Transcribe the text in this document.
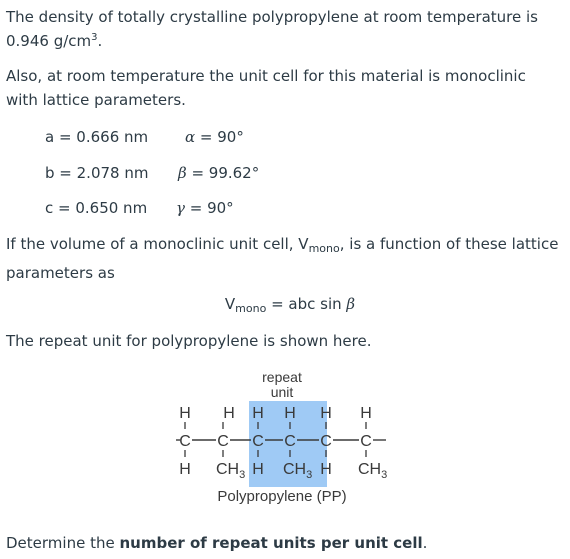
The density of totally crystalline polypropylene at room temperature is 0.946 $g/cm^3$.

Also, at room temperature the unit cell for this material is monoclinic with lattice parameters.

a = 0.666 nm α = 90°
b = 2.078 nm β = 99.62°
c = 0.650 nm γ = 90°

If the volume of a monoclinic unit cell, $V_{mono}$, is a function of these lattice parameters as

$V_{mono}$ = abc sin β

The repeat unit for polypropylene is shown here.

repeat
unit
H H H H H H
C C C C C C
H $CH_3$ H $CH_3$ H $CH_3$
Polypropylene (PP)

Determine the number of repeat units per unit cell.
